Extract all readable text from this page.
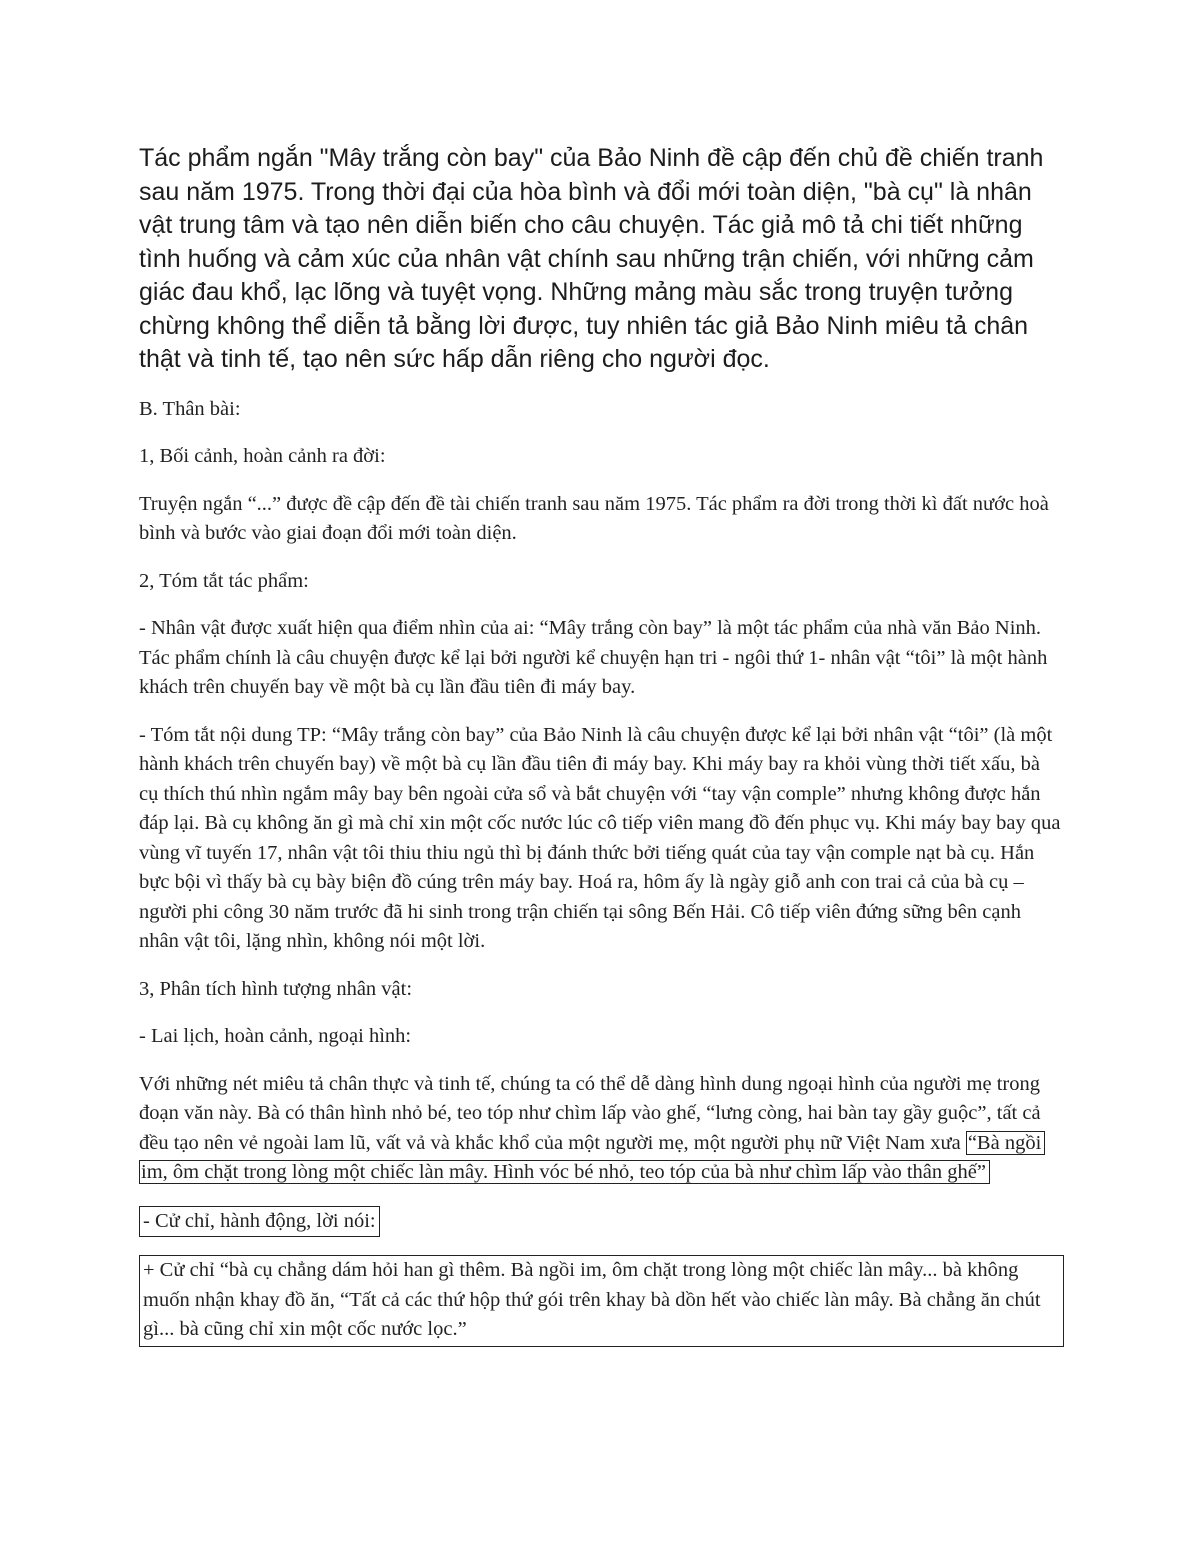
Tác phẩm ngắn "Mây trắng còn bay" của Bảo Ninh đề cập đến chủ đề chiến tranh sau năm 1975. Trong thời đại của hòa bình và đổi mới toàn diện, "bà cụ" là nhân vật trung tâm và tạo nên diễn biến cho câu chuyện. Tác giả mô tả chi tiết những tình huống và cảm xúc của nhân vật chính sau những trận chiến, với những cảm giác đau khổ, lạc lõng và tuyệt vọng. Những mảng màu sắc trong truyện tưởng chừng không thể diễn tả bằng lời được, tuy nhiên tác giả Bảo Ninh miêu tả chân thật và tinh tế, tạo nên sức hấp dẫn riêng cho người đọc.

B. Thân bài:

1, Bối cảnh, hoàn cảnh ra đời:

Truyện ngắn “...” được đề cập đến đề tài chiến tranh sau năm 1975. Tác phẩm ra đời trong thời kì đất nước hoà bình và bước vào giai đoạn đổi mới toàn diện.

2, Tóm tắt tác phẩm:

- Nhân vật được xuất hiện qua điểm nhìn của ai: “Mây trắng còn bay” là một tác phẩm của nhà văn Bảo Ninh. Tác phẩm chính là câu chuyện được kể lại bởi người kể chuyện hạn tri - ngôi thứ 1- nhân vật “tôi” là một hành khách trên chuyến bay về một bà cụ lần đầu tiên đi máy bay.

- Tóm tắt nội dung TP: “Mây trắng còn bay” của Bảo Ninh là câu chuyện được kể lại bởi nhân vật “tôi” (là một hành khách trên chuyến bay) về một bà cụ lần đầu tiên đi máy bay. Khi máy bay ra khỏi vùng thời tiết xấu, bà cụ thích thú nhìn ngắm mây bay bên ngoài cửa sổ và bắt chuyện với “tay vận comple” nhưng không được hắn đáp lại. Bà cụ không ăn gì mà chỉ xin một cốc nước lúc cô tiếp viên mang đồ đến phục vụ. Khi máy bay bay qua vùng vĩ tuyến 17, nhân vật tôi thiu thiu ngủ thì bị đánh thức bởi tiếng quát của tay vận comple nạt bà cụ. Hắn bực bội vì thấy bà cụ bày biện đồ cúng trên máy bay. Hoá ra, hôm ấy là ngày giỗ anh con trai cả của bà cụ – người phi công 30 năm trước đã hi sinh trong trận chiến tại sông Bến Hải. Cô tiếp viên đứng sững bên cạnh nhân vật tôi, lặng nhìn, không nói một lời.

3, Phân tích hình tượng nhân vật:

- Lai lịch, hoàn cảnh, ngoại hình:

Với những nét miêu tả chân thực và tinh tế, chúng ta có thể dễ dàng hình dung ngoại hình của người mẹ trong đoạn văn này. Bà có thân hình nhỏ bé, teo tóp như chìm lấp vào ghế, “lưng còng, hai bàn tay gầy guộc”, tất cả đều tạo nên vẻ ngoài lam lũ, vất vả và khắc khổ của một người mẹ, một người phụ nữ Việt Nam xưa “Bà ngồi im, ôm chặt trong lòng một chiếc làn mây. Hình vóc bé nhỏ, teo tóp của bà như chìm lấp vào thân ghế”

- Cử chỉ, hành động, lời nói:

+ Cử chỉ “bà cụ chẳng dám hỏi han gì thêm. Bà ngồi im, ôm chặt trong lòng một chiếc làn mây... bà không muốn nhận khay đồ ăn, “Tất cả các thứ hộp thứ gói trên khay bà dồn hết vào chiếc làn mây. Bà chẳng ăn chút gì... bà cũng chỉ xin một cốc nước lọc.”
